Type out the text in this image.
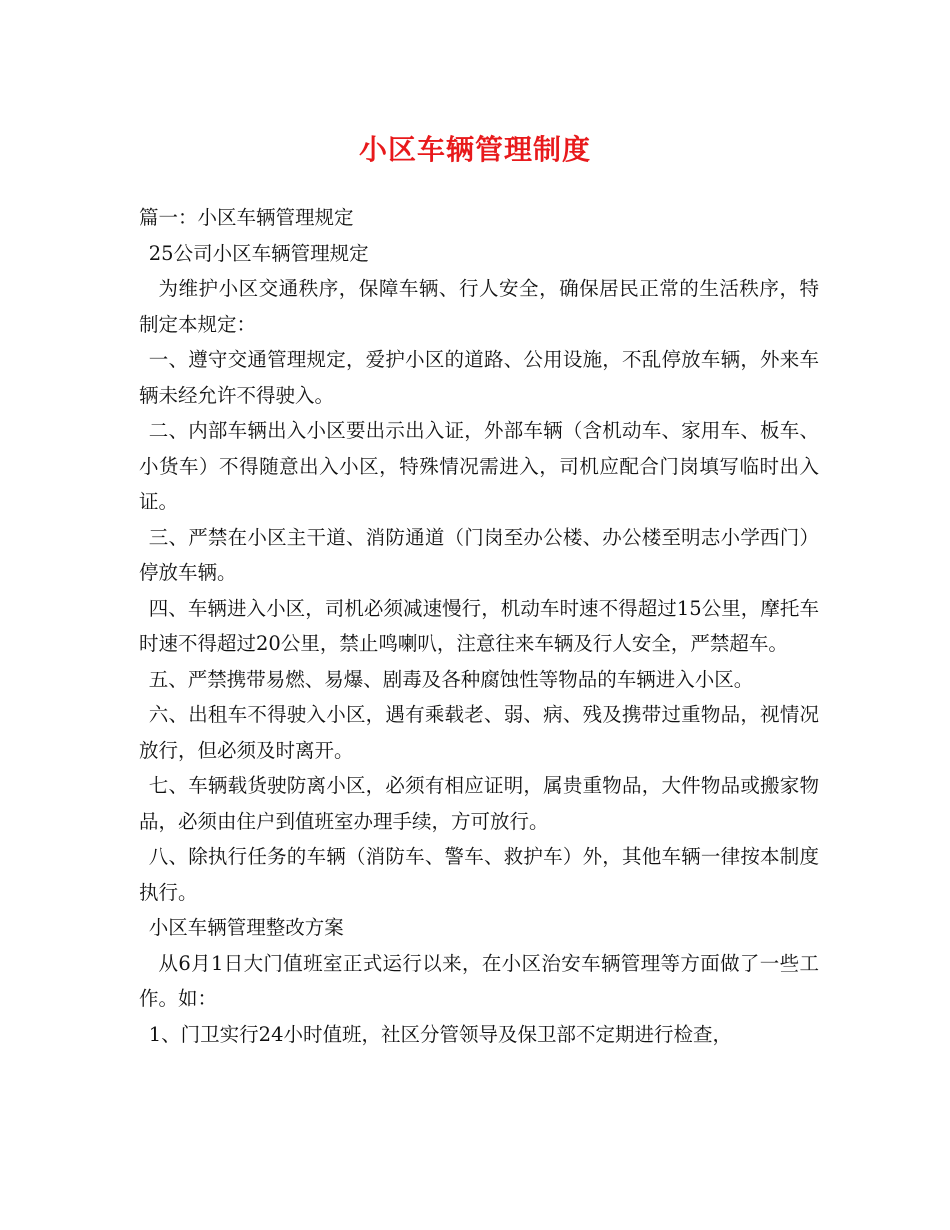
小区车辆管理制度

篇一：小区车辆管理规定

25公司小区车辆管理规定

为维护小区交通秩序，保障车辆、行人安全，确保居民正常的生活秩序，特制定本规定：

一、遵守交通管理规定，爱护小区的道路、公用设施，不乱停放车辆，外来车辆未经允许不得驶入。

二、内部车辆出入小区要出示出入证，外部车辆（含机动车、家用车、板车、小货车）不得随意出入小区，特殊情况需进入，司机应配合门岗填写临时出入证。

三、严禁在小区主干道、消防通道（门岗至办公楼、办公楼至明志小学西门）停放车辆。

四、车辆进入小区，司机必须减速慢行，机动车时速不得超过15公里，摩托车时速不得超过20公里，禁止鸣喇叭，注意往来车辆及行人安全，严禁超车。

五、严禁携带易燃、易爆、剧毒及各种腐蚀性等物品的车辆进入小区。

六、出租车不得驶入小区，遇有乘载老、弱、病、残及携带过重物品，视情况放行，但必须及时离开。

七、车辆载货驶防离小区，必须有相应证明，属贵重物品，大件物品或搬家物品，必须由住户到值班室办理手续，方可放行。

八、除执行任务的车辆（消防车、警车、救护车）外，其他车辆一律按本制度执行。

小区车辆管理整改方案

从6月1日大门值班室正式运行以来，在小区治安车辆管理等方面做了一些工作。如：

1、门卫实行24小时值班，社区分管领导及保卫部不定期进行检查，
